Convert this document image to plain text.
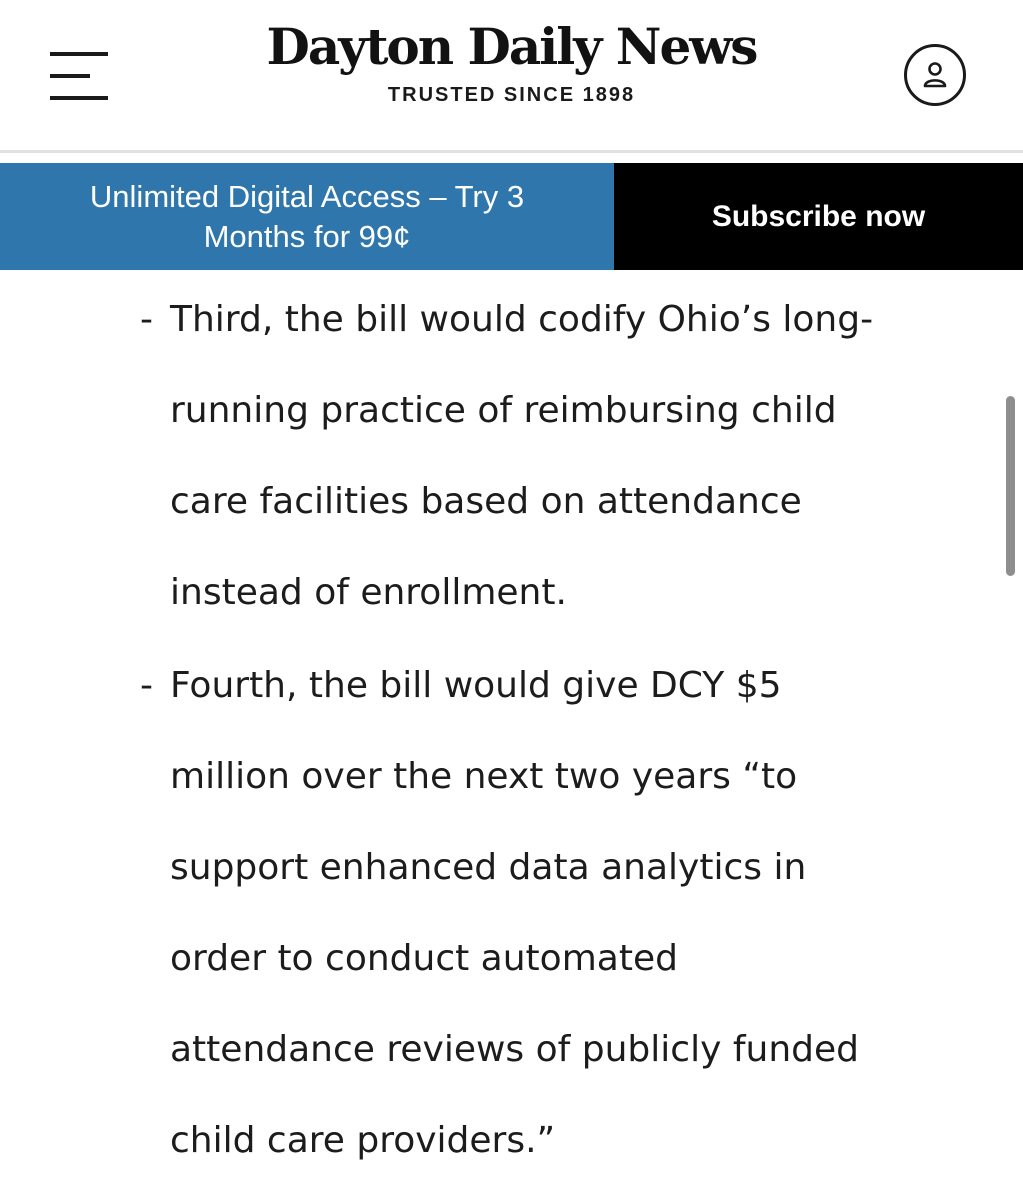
Dayton Daily News
TRUSTED SINCE 1898
Unlimited Digital Access – Try 3 Months for 99¢
Subscribe now
- Third, the bill would codify Ohio’s long-
running practice of reimbursing child
care facilities based on attendance
instead of enrollment.
- Fourth, the bill would give DCY $5
million over the next two years “to
support enhanced data analytics in
order to conduct automated
attendance reviews of publicly funded
child care providers.”
